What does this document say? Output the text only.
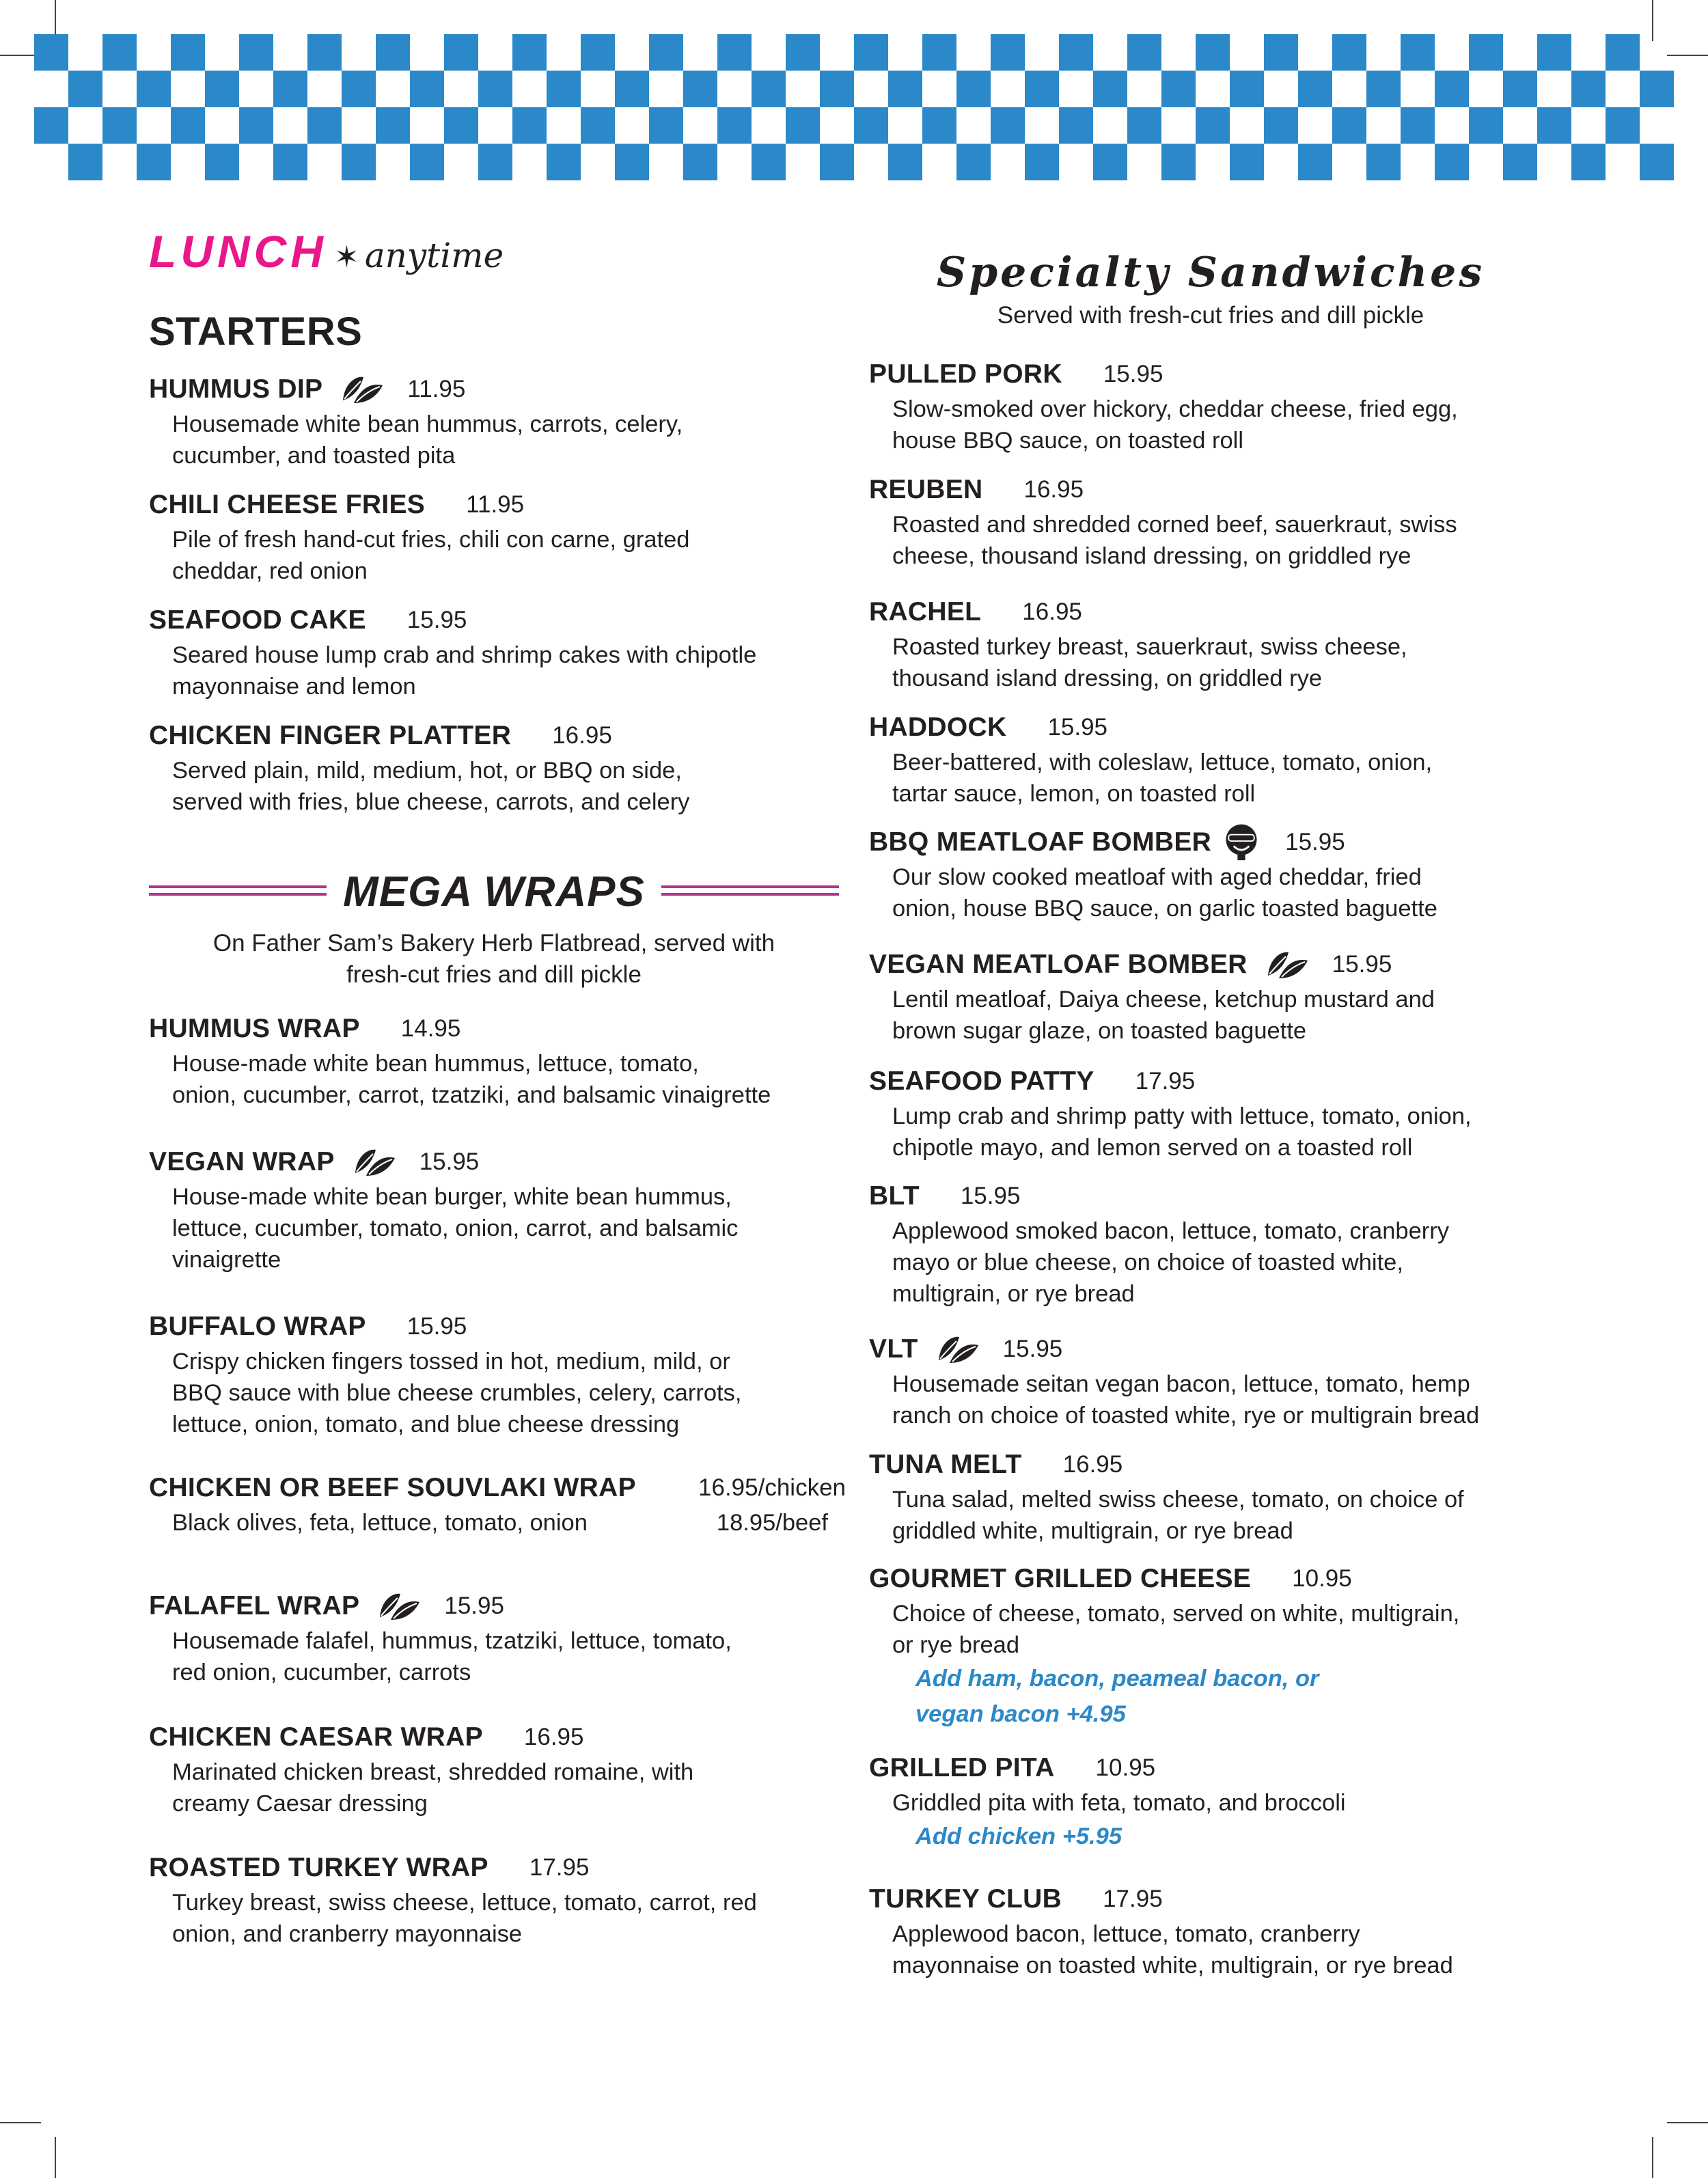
LUNCH ✶ anytime
STARTERS
HUMMUS DIP	11.95
Housemade white bean hummus, carrots, celery,
cucumber, and toasted pita
CHILI CHEESE FRIES 11.95
Pile of fresh hand-cut fries, chili con carne, grated
cheddar, red onion
SEAFOOD CAKE 15.95
Seared house lump crab and shrimp cakes with chipotle
mayonnaise and lemon
CHICKEN FINGER PLATTER 16.95
Served plain, mild, medium, hot, or BBQ on side,
served with fries, blue cheese, carrots, and celery
MEGA WRAPS
On Father Sam’s Bakery Herb Flatbread, served with
fresh-cut fries and dill pickle
HUMMUS WRAP 14.95
House-made white bean hummus, lettuce, tomato,
onion, cucumber, carrot, tzatziki, and balsamic vinaigrette
VEGAN WRAP	15.95
House-made white bean burger, white bean hummus,
lettuce, cucumber, tomato, onion, carrot, and balsamic
vinaigrette
BUFFALO WRAP 15.95
Crispy chicken fingers tossed in hot, medium, mild, or
BBQ sauce with blue cheese crumbles, celery, carrots,
lettuce, onion, tomato, and blue cheese dressing
CHICKEN OR BEEF SOUVLAKI WRAP	16.95/chicken
Black olives, feta, lettuce, tomato, onion	18.95/beef
FALAFEL WRAP	15.95
Housemade falafel, hummus, tzatziki, lettuce, tomato,
red onion, cucumber, carrots
CHICKEN CAESAR WRAP 16.95
Marinated chicken breast, shredded romaine, with
creamy Caesar dressing
ROASTED TURKEY WRAP 17.95
Turkey breast, swiss cheese, lettuce, tomato, carrot, red
onion, and cranberry mayonnaise
Specialty Sandwiches
Served with fresh-cut fries and dill pickle
PULLED PORK 15.95
Slow-smoked over hickory, cheddar cheese, fried egg,
house BBQ sauce, on toasted roll
REUBEN 16.95
Roasted and shredded corned beef, sauerkraut, swiss
cheese, thousand island dressing, on griddled rye
RACHEL 16.95
Roasted turkey breast, sauerkraut, swiss cheese,
thousand island dressing, on griddled rye
HADDOCK 15.95
Beer-battered, with coleslaw, lettuce, tomato, onion,
tartar sauce, lemon, on toasted roll
BBQ MEATLOAF BOMBER	15.95
Our slow cooked meatloaf with aged cheddar, fried
onion, house BBQ sauce, on garlic toasted baguette
VEGAN MEATLOAF BOMBER	15.95
Lentil meatloaf, Daiya cheese, ketchup mustard and
brown sugar glaze, on toasted baguette
SEAFOOD PATTY 17.95
Lump crab and shrimp patty with lettuce, tomato, onion,
chipotle mayo, and lemon served on a toasted roll
BLT 15.95
Applewood smoked bacon, lettuce, tomato, cranberry
mayo or blue cheese, on choice of toasted white,
multigrain, or rye bread
VLT	15.95
Housemade seitan vegan bacon, lettuce, tomato, hemp
ranch on choice of toasted white, rye or multigrain bread
TUNA MELT 16.95
Tuna salad, melted swiss cheese, tomato, on choice of
griddled white, multigrain, or rye bread
GOURMET GRILLED CHEESE 10.95
Choice of cheese, tomato, served on white, multigrain,
or rye bread
Add ham, bacon, peameal bacon, or
vegan bacon +4.95
GRILLED PITA 10.95
Griddled pita with feta, tomato, and broccoli
Add chicken +5.95
TURKEY CLUB 17.95
Applewood bacon, lettuce, tomato, cranberry
mayonnaise on toasted white, multigrain, or rye bread
